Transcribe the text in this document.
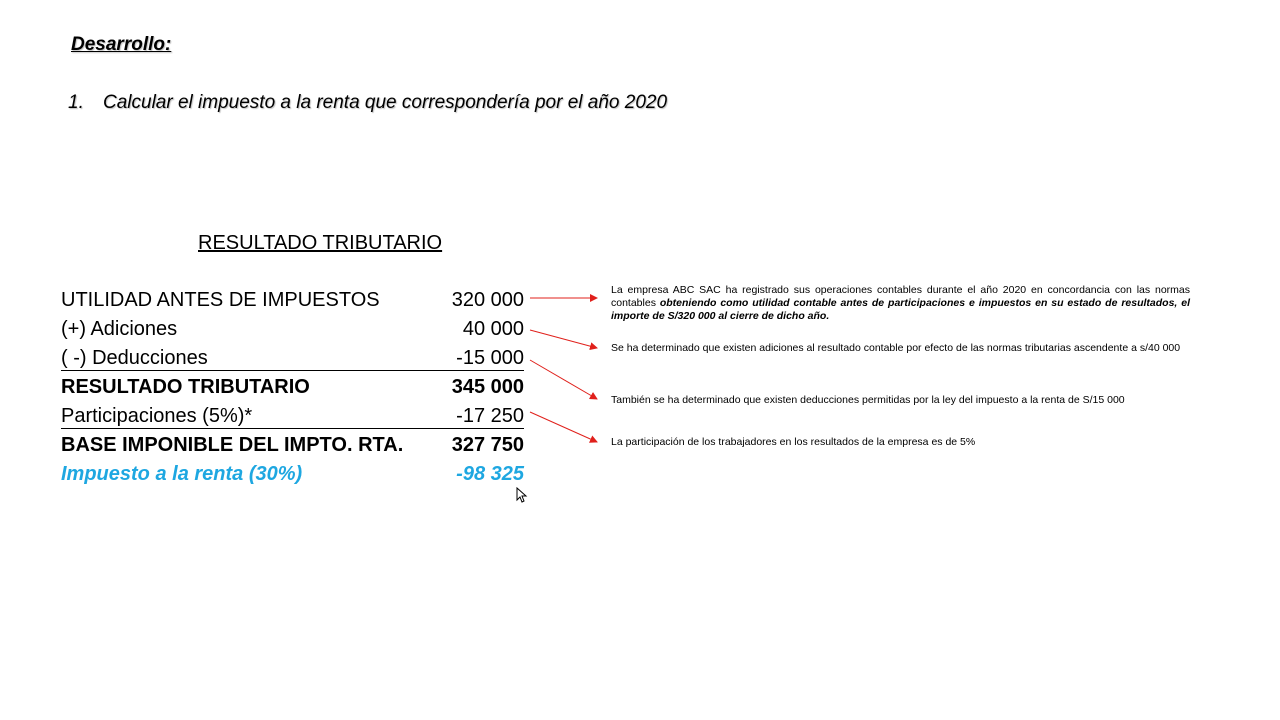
Desarrollo:
1. Calcular el impuesto a la renta que correspondería por el año 2020
RESULTADO TRIBUTARIO
UTILIDAD ANTES DE IMPUESTOS	320 000
(+) Adiciones	40 000
( -) Deducciones	-15 000
RESULTADO TRIBUTARIO	345 000
Participaciones (5%)*	-17 250
BASE IMPONIBLE DEL IMPTO. RTA. 327 750
Impuesto a la renta (30%)	-98 325
La empresa ABC SAC ha registrado sus operaciones contables durante el año 2020 en concordancia con las normas contables obteniendo como utilidad contable antes de participaciones e impuestos en su estado de resultados, el importe de S/320 000 al cierre de dicho año.
Se ha determinado que existen adiciones al resultado contable por efecto de las normas tributarias ascendente a s/40 000
También se ha determinado que existen deducciones permitidas por la ley del impuesto a la renta de S/15 000
La participación de los trabajadores en los resultados de la empresa es de 5%
